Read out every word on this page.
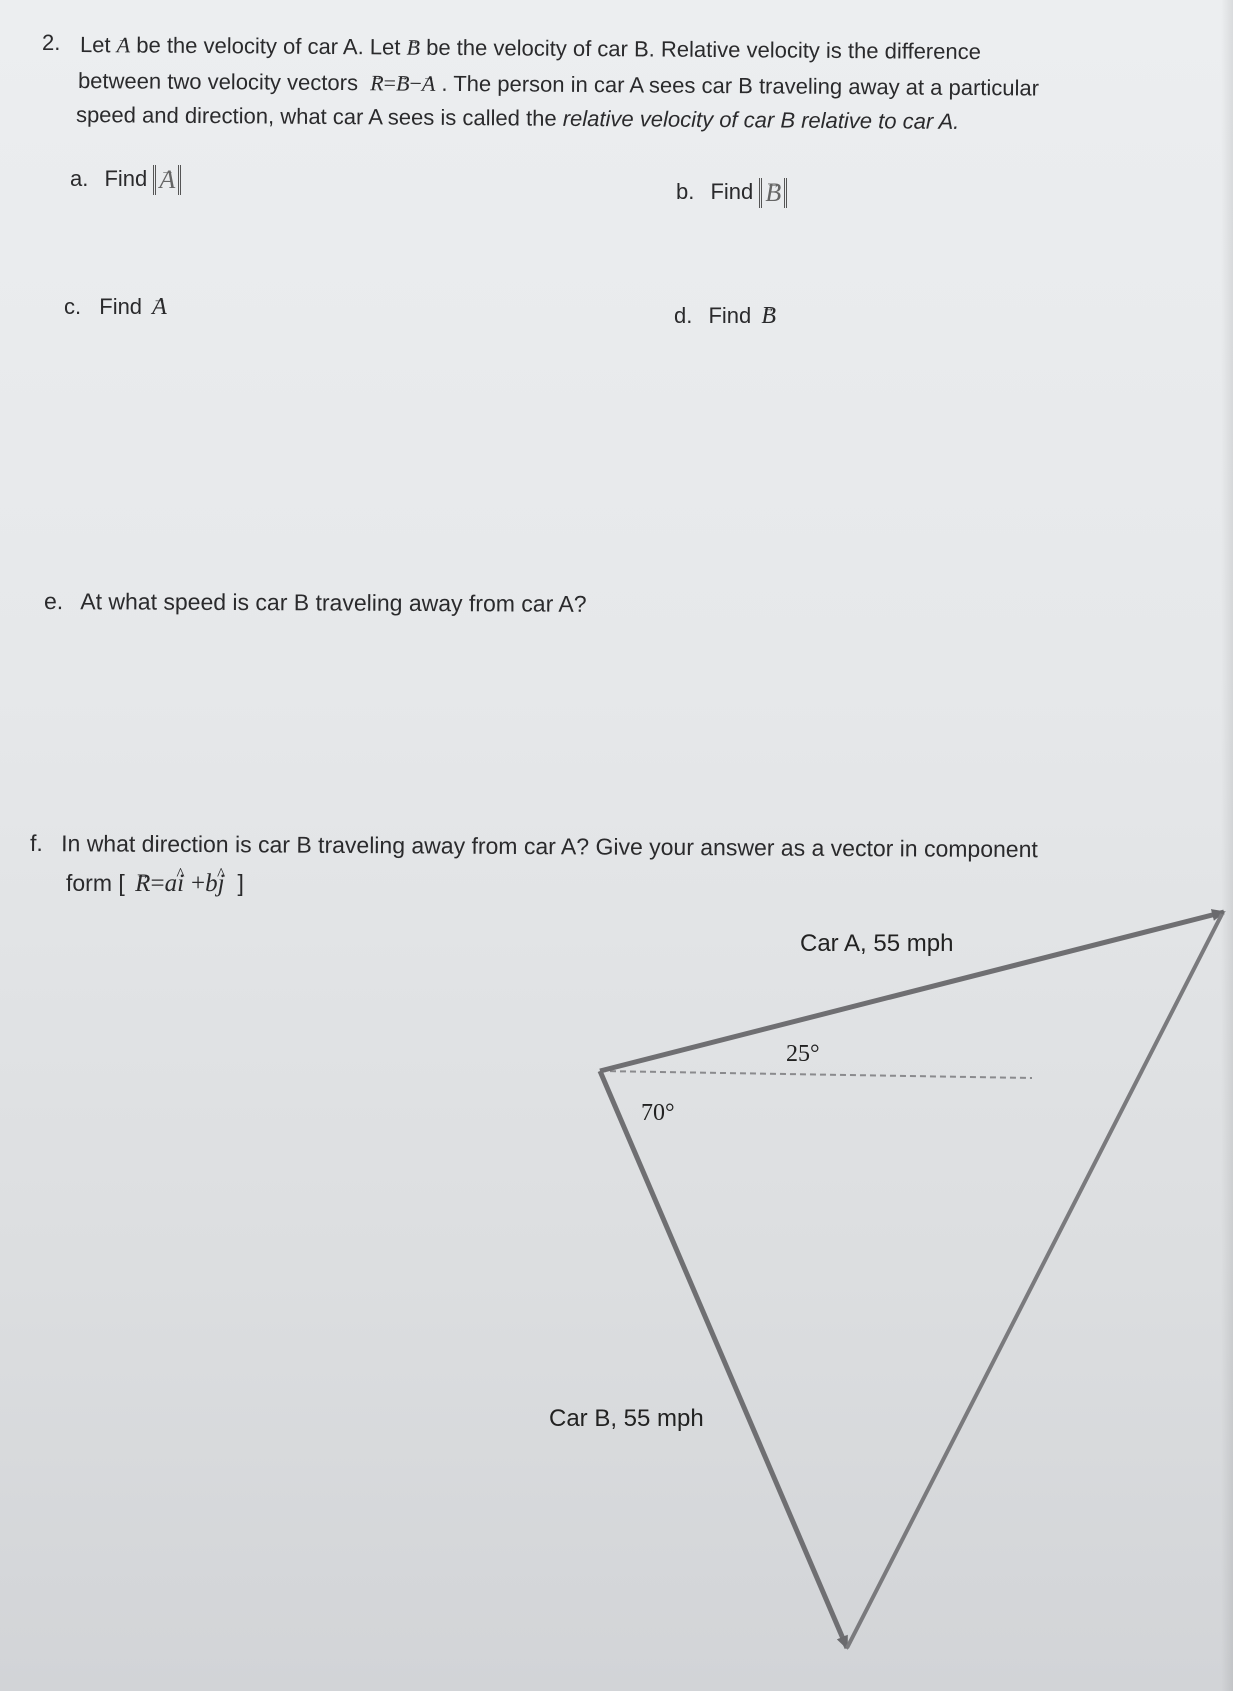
2. Let → A be the velocity of car A. Let → B be the velocity of car B. Relative velocity is the difference
between two velocity vectors → R=→ B−→ A . The person in car A sees car B traveling away at a particular
speed and direction, what car A sees is called the relative velocity of car B relative to car A.
a. Find → A	b. Find → B
c. Find → A	d. Find → B
e. At what speed is car B traveling away from car A?
f. In what direction is car B traveling away from car A? Give your answer as a vector in component
form [ → R=a^ i +b^ j ]
Car A, 55 mph
Car B, 55 mph
25°
70°
